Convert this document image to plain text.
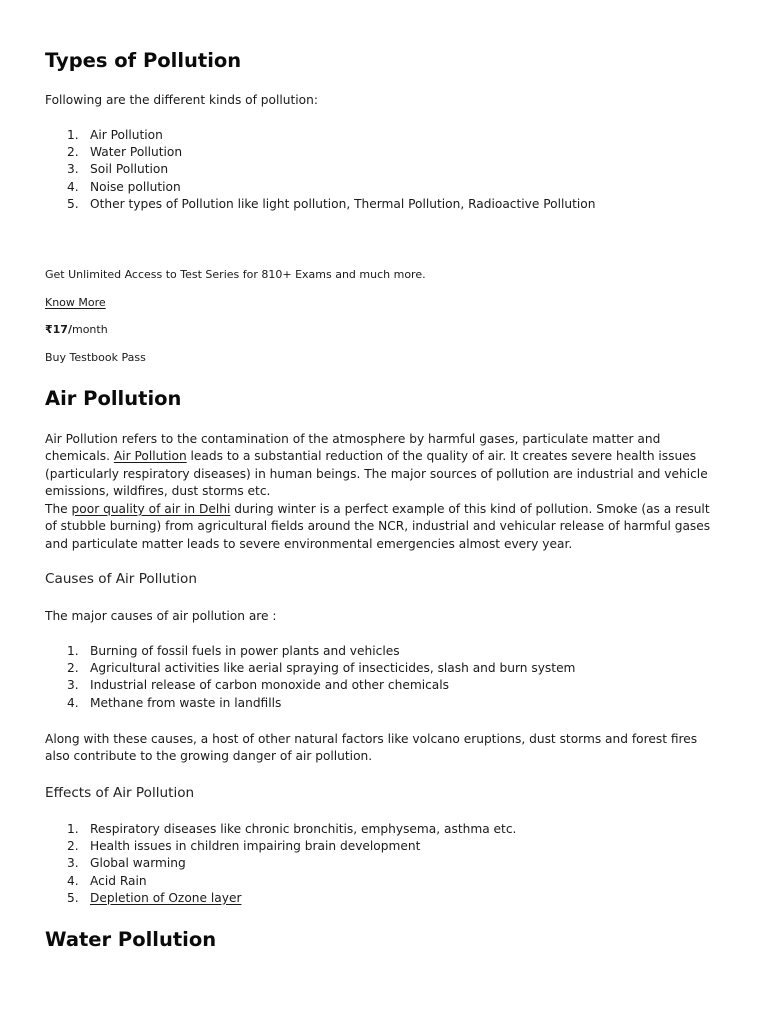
Types of Pollution

Following are the different kinds of pollution:

1. Air Pollution
2. Water Pollution
3. Soil Pollution
4. Noise pollution
5. Other types of Pollution like light pollution, Thermal Pollution, Radioactive Pollution

Get Unlimited Access to Test Series for 810+ Exams and much more.

Know More

₹17/month

Buy Testbook Pass

Air Pollution

Air Pollution refers to the contamination of the atmosphere by harmful gases, particulate matter and chemicals. Air Pollution leads to a substantial reduction of the quality of air. It creates severe health issues (particularly respiratory diseases) in human beings. The major sources of pollution are industrial and vehicle emissions, wildfires, dust storms etc.

The poor quality of air in Delhi during winter is a perfect example of this kind of pollution. Smoke (as a result of stubble burning) from agricultural fields around the NCR, industrial and vehicular release of harmful gases and particulate matter leads to severe environmental emergencies almost every year.

Causes of Air Pollution

The major causes of air pollution are :

1. Burning of fossil fuels in power plants and vehicles
2. Agricultural activities like aerial spraying of insecticides, slash and burn system
3. Industrial release of carbon monoxide and other chemicals
4. Methane from waste in landfills

Along with these causes, a host of other natural factors like volcano eruptions, dust storms and forest fires also contribute to the growing danger of air pollution.

Effects of Air Pollution
1. Respiratory diseases like chronic bronchitis, emphysema, asthma etc.
2. Health issues in children impairing brain development
3. Global warming
4. Acid Rain
5. Depletion of Ozone layer
Water Pollution
